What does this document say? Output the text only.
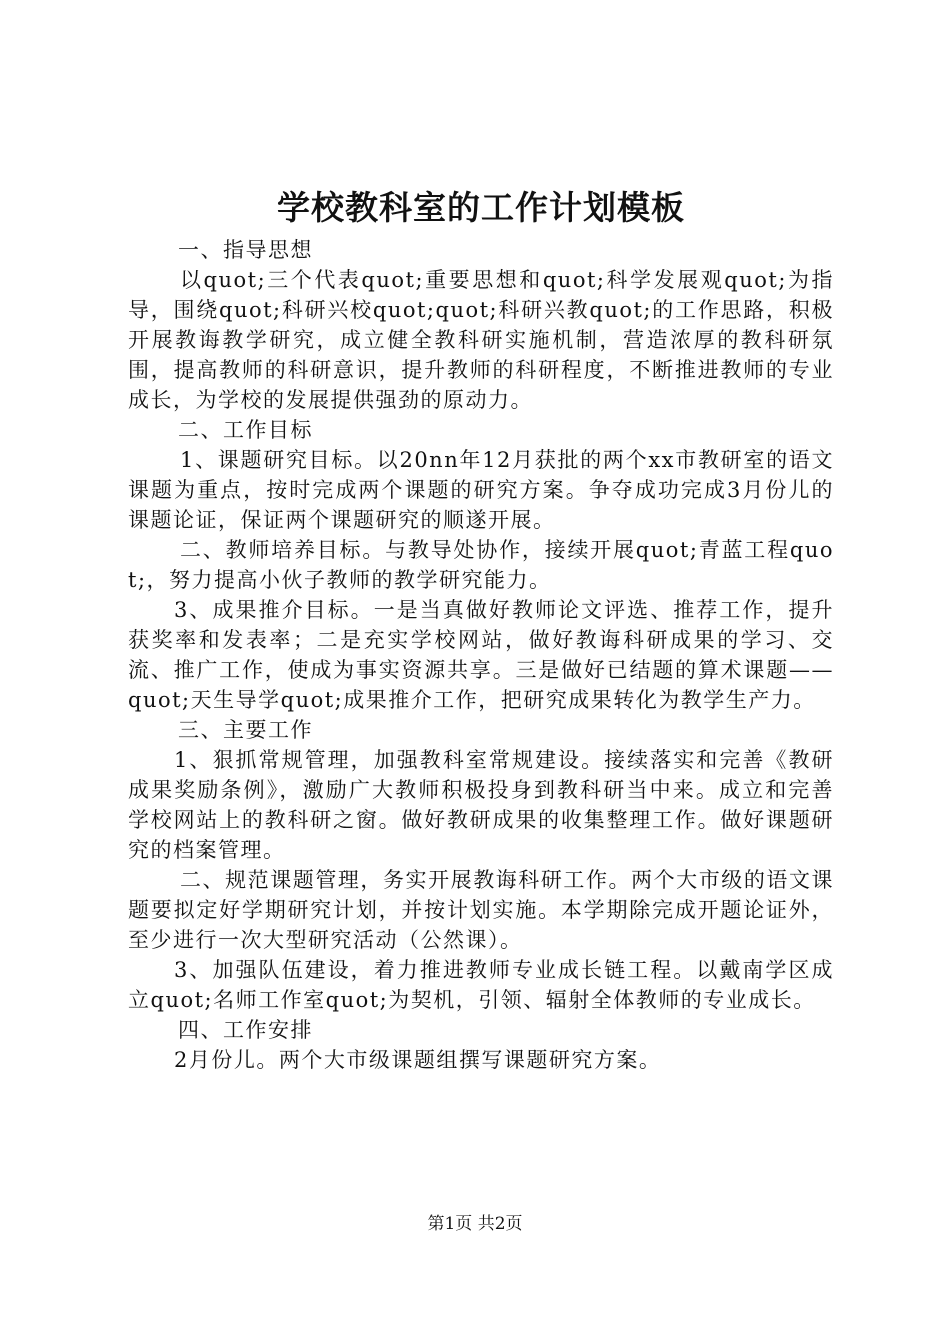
学校教科室的工作计划模板

一、指导思想

以quot;三个代表quot;重要思想和quot;科学发展观quot;为指导，围绕quot;科研兴校quot;quot;科研兴教quot;的工作思路，积极开展教诲教学研究，成立健全教科研实施机制，营造浓厚的教科研氛围，提高教师的科研意识，提升教师的科研程度，不断推进教师的专业成长，为学校的发展提供强劲的原动力。

二、工作目标

1、课题研究目标。以20nn年12月获批的两个xx市教研室的语文课题为重点，按时完成两个课题的研究方案。争夺成功完成3月份儿的课题论证，保证两个课题研究的顺遂开展。

二、教师培养目标。与教导处协作，接续开展quot;青蓝工程quot;，努力提高小伙子教师的教学研究能力。

3、成果推介目标。一是当真做好教师论文评选、推荐工作，提升获奖率和发表率；二是充实学校网站，做好教诲科研成果的学习、交流、推广工作，使成为事实资源共享。三是做好已结题的算术课题——quot;天生导学quot;成果推介工作，把研究成果转化为教学生产力。

三、主要工作

1、狠抓常规管理，加强教科室常规建设。接续落实和完善《教研成果奖励条例》，激励广大教师积极投身到教科研当中来。成立和完善学校网站上的教科研之窗。做好教研成果的收集整理工作。做好课题研究的档案管理。

二、规范课题管理，务实开展教诲科研工作。两个大市级的语文课题要拟定好学期研究计划，并按计划实施。本学期除完成开题论证外，至少进行一次大型研究活动（公然课）。

3、加强队伍建设，着力推进教师专业成长链工程。以戴南学区成立quot;名师工作室quot;为契机，引领、辐射全体教师的专业成长。

四、工作安排

2月份儿。两个大市级课题组撰写课题研究方案。

第1页 共2页
